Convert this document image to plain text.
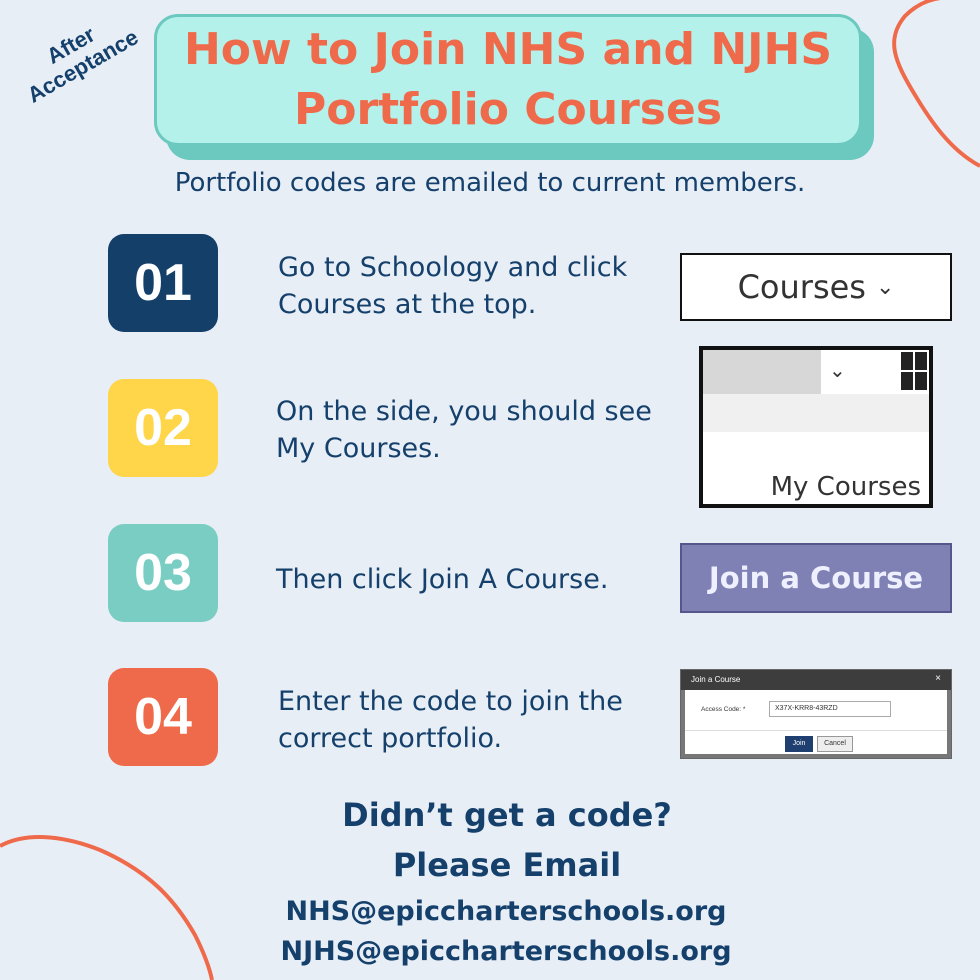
After Acceptance How to Join NHS and NJHS
Portfolio Courses
Portfolio codes are emailed to current members.
01	Go to Schoology and click Courses at the top.	Courses ⌄
02	On the side, you should see My Courses.
⌄
My Courses
03	Then click Join A Course.	Join a Course
04	Enter the code to join the correct portfolio.
Join a Course	×
Access Code: *	X37X-KRR8-43RZD
Join	Cancel
Didn’t get a code?
Please Email
NHS@epiccharterschools.org
NJHS@epiccharterschools.org
